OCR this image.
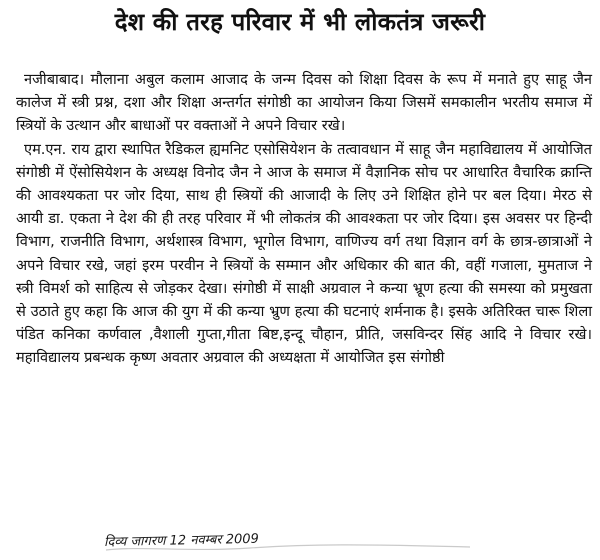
देश की तरह परिवार में भी लोकतंत्र जरूरी

नजीबाबाद। मौलाना अबुल कलाम आजाद के जन्म दिवस को शिक्षा दिवस के रूप में मनाते हुए साहू जैन कालेज में स्त्री प्रश्न, दशा और शिक्षा अन्तर्गत संगोष्ठी का आयोजन किया जिसमें समकालीन भरतीय समाज में स्त्रियों के उत्थान और बाधाओं पर वक्ताओं ने अपने विचार रखे।

एम.एन. राय द्वारा स्थापित रैडिकल ह्यमनिट एसोसियेशन के तत्वावधान में साहू जैन महाविद्यालय में आयोजित संगोष्ठी में ऐंसोसियेशन के अध्यक्ष विनोद जैन ने आज के समाज में वैज्ञानिक सोच पर आधारित वैचारिक क्रान्ति की आवश्यकता पर जोर दिया, साथ ही स्त्रियों की आजादी के लिए उने शिक्षित होने पर बल दिया। मेरठ से आयी डा. एकता ने देश की ही तरह परिवार में भी लोकतंत्र की आवश्कता पर जोर दिया। इस अवसर पर हिन्दी विभाग, राजनीति विभाग, अर्थशास्त्र विभाग, भूगोल विभाग, वाणिज्य वर्ग तथा विज्ञान वर्ग के छात्र-छात्राओं ने अपने विचार रखे, जहां इरम परवीन ने स्त्रियों के सम्मान और अधिकार की बात की, वहीं गजाला, मुमताज ने स्त्री विमर्श को साहित्य से जोड़कर देखा। संगोष्ठी में साक्षी अग्रवाल ने कन्या भ्रूण हत्या की समस्या को प्रमुखता से उठाते हुए कहा कि आज की युग में की कन्या भ्रुण हत्या की घटनाएं शर्मनाक है। इसके अतिरिक्त चारू शिला पंडित कनिका कर्णवाल ,वैशाली गुप्ता,गीता बिष्ट,इन्दू चौहान, प्रीति, जसविन्दर सिंह आदि ने विचार रखे। महाविद्यालय प्रबन्धक कृष्ण अवतार अग्रवाल की अध्यक्षता में आयोजित इस संगोष्ठी

दिव्य जागरण 12 नवम्बर 2009
